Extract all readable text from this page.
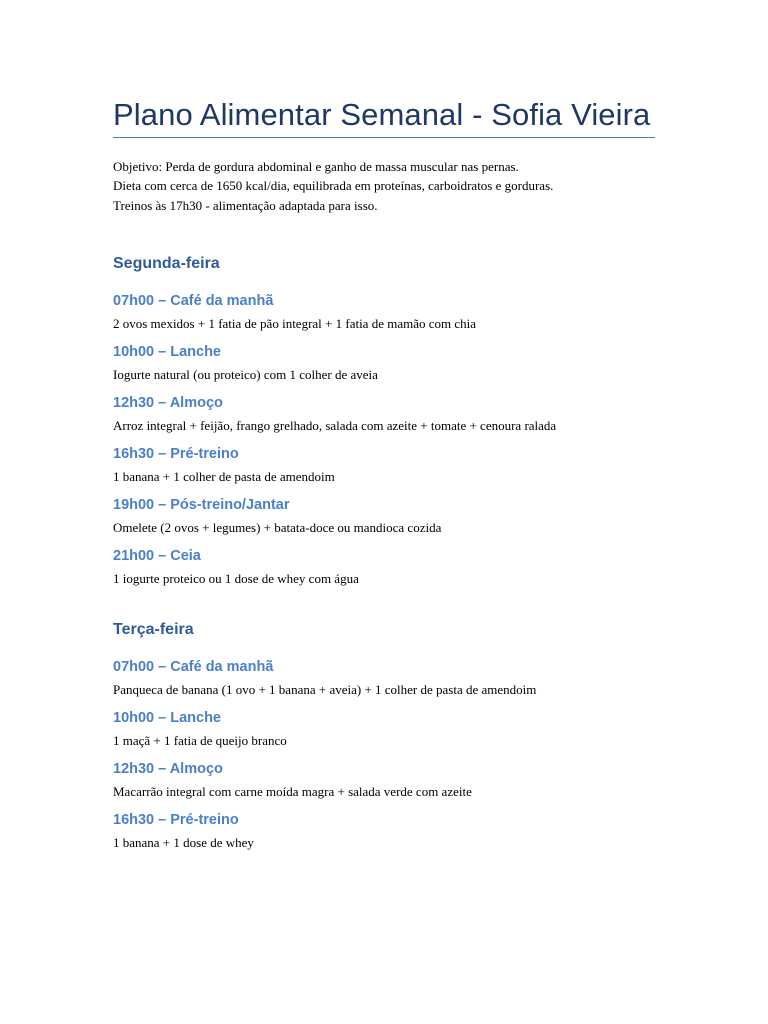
Plano Alimentar Semanal - Sofia Vieira

Objetivo: Perda de gordura abdominal e ganho de massa muscular nas pernas.

Dieta com cerca de 1650 kcal/dia, equilibrada em proteínas, carboidratos e gorduras.

Treinos às 17h30 - alimentação adaptada para isso.

Segunda-feira

07h00 – Café da manhã

2 ovos mexidos + 1 fatia de pão integral + 1 fatia de mamão com chia

10h00 – Lanche

Iogurte natural (ou proteico) com 1 colher de aveia

12h30 – Almoço

Arroz integral + feijão, frango grelhado, salada com azeite + tomate + cenoura ralada

16h30 – Pré-treino

1 banana + 1 colher de pasta de amendoim

19h00 – Pós-treino/Jantar

Omelete (2 ovos + legumes) + batata-doce ou mandioca cozida

21h00 – Ceia

1 iogurte proteico ou 1 dose de whey com água

Terça-feira

07h00 – Café da manhã

Panqueca de banana (1 ovo + 1 banana + aveia) + 1 colher de pasta de amendoim

10h00 – Lanche

1 maçã + 1 fatia de queijo branco

12h30 – Almoço

Macarrão integral com carne moída magra + salada verde com azeite

16h30 – Pré-treino

1 banana + 1 dose de whey
